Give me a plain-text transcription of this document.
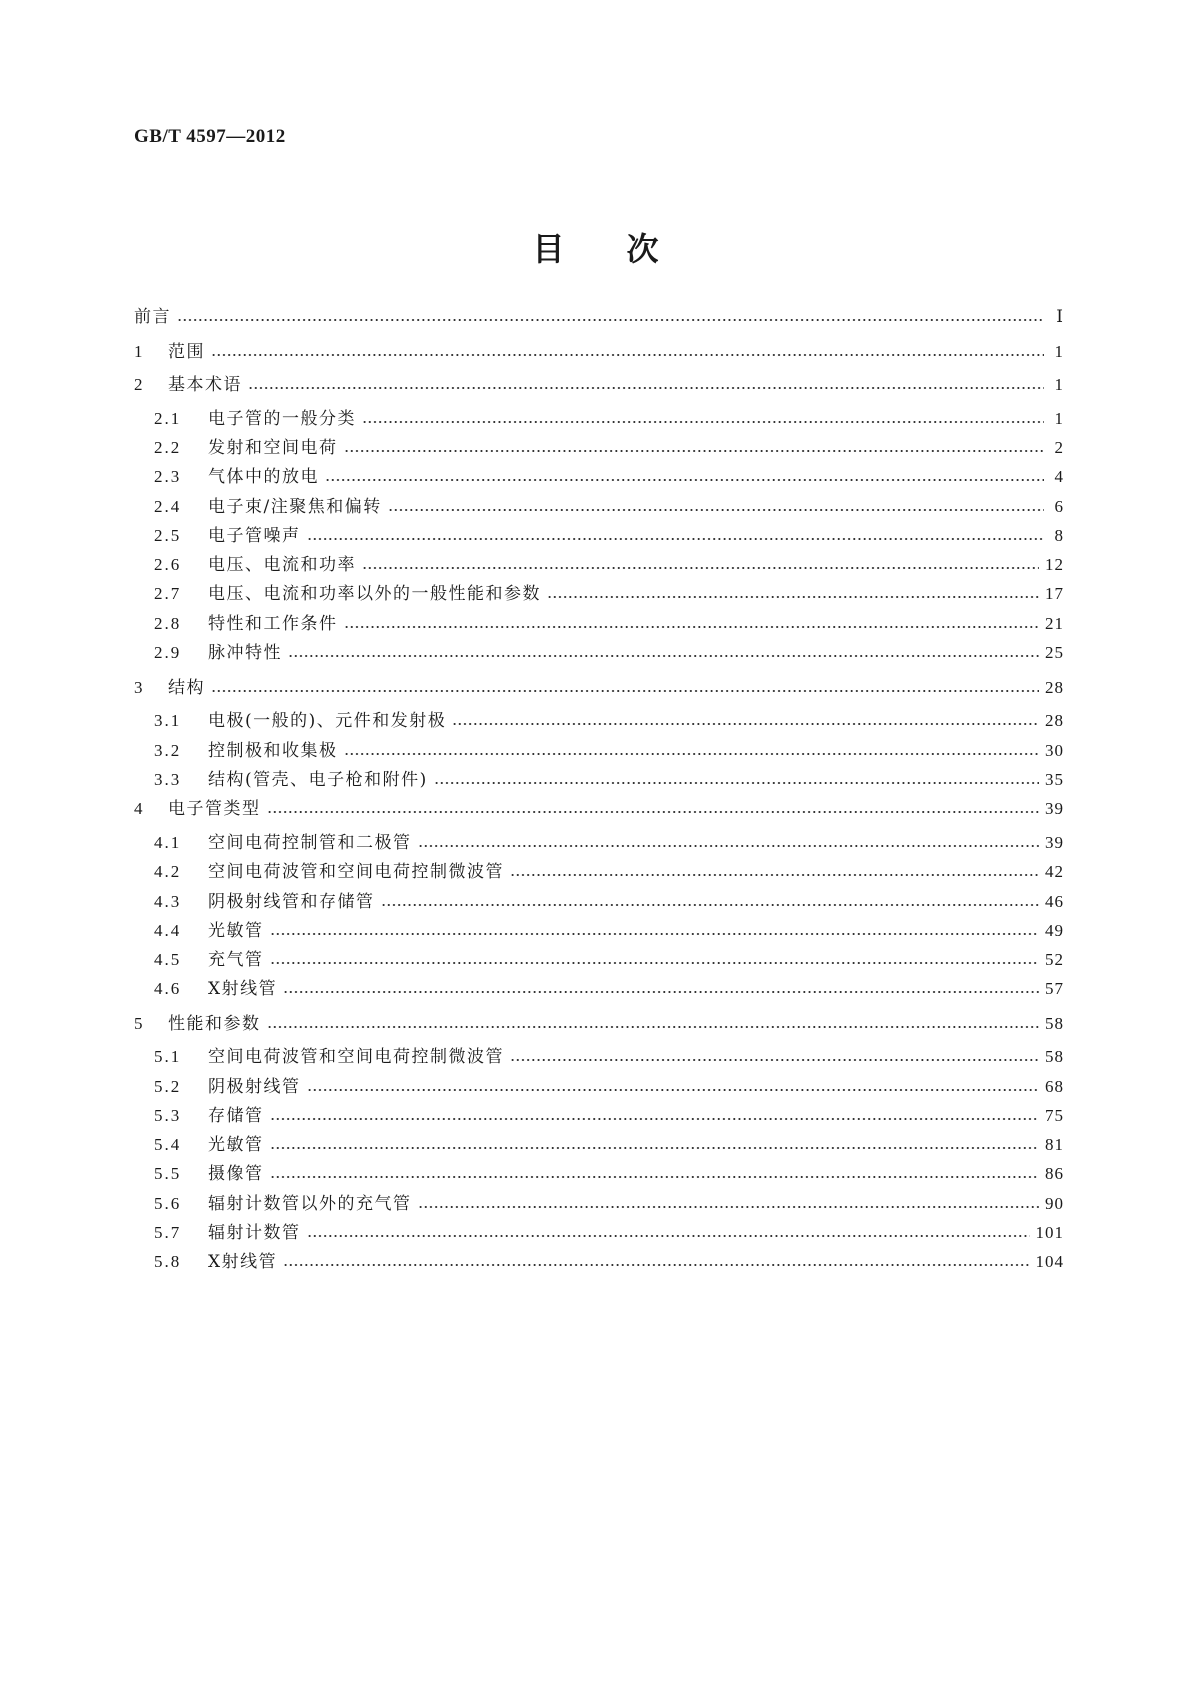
GB/T 4597—2012
目 次
前言	Ⅰ
1	范围	1
2	基本术语	1
2.1	电子管的一般分类	1
2.2	发射和空间电荷	2
2.3	气体中的放电	4
2.4	电子束/注聚焦和偏转	6
2.5	电子管噪声	8
2.6	电压、电流和功率	12
2.7	电压、电流和功率以外的一般性能和参数	17
2.8	特性和工作条件	21
2.9	脉冲特性	25
3	结构	28
3.1	电极(一般的)、元件和发射极	28
3.2	控制极和收集极	30
3.3	结构(管壳、电子枪和附件)	35
4	电子管类型	39
4.1	空间电荷控制管和二极管	39
4.2	空间电荷波管和空间电荷控制微波管	42
4.3	阴极射线管和存储管	46
4.4	光敏管	49
4.5	充气管	52
4.6	X射线管	57
5	性能和参数	58
5.1	空间电荷波管和空间电荷控制微波管	58
5.2	阴极射线管	68
5.3	存储管	75
5.4	光敏管	81
5.5	摄像管	86
5.6	辐射计数管以外的充气管	90
5.7	辐射计数管	101
5.8	X射线管	104
